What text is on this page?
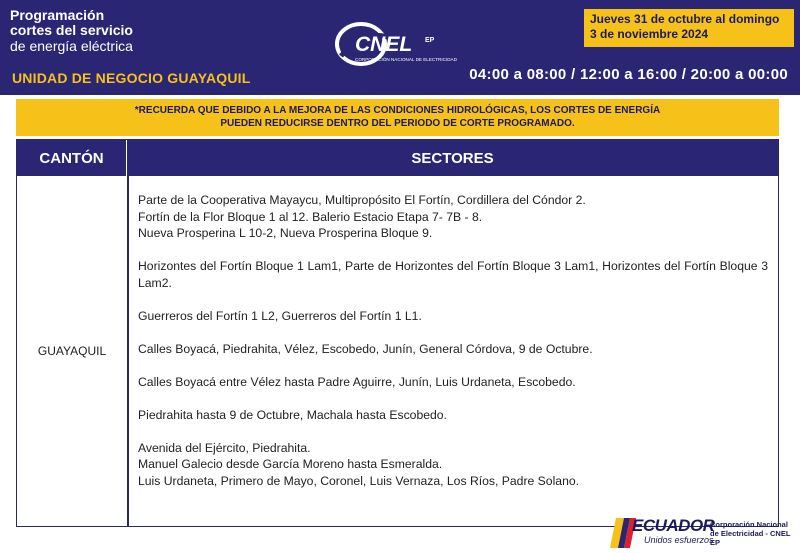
Programación
cortes del servicio
de energía eléctrica
UNIDAD DE NEGOCIO GUAYAQUIL
CNEL EP
CORPORACIÓN NACIONAL DE ELECTRICIDAD
Jueves 31 de octubre al domingo
3 de noviembre 2024
04:00 a 08:00 / 12:00 a 16:00 / 20:00 a 00:00
*RECUERDA QUE DEBIDO A LA MEJORA DE LAS CONDICIONES HIDROLÓGICAS, LOS CORTES DE ENERGÍA
PUEDEN REDUCIRSE DENTRO DEL PERIODO DE CORTE PROGRAMADO.
CANTÓN	SECTORES
GUAYAQUIL
Parte de la Cooperativa Mayaycu, Multipropósito El Fortín, Cordillera del Cóndor 2.
Fortín de la Flor Bloque 1 al 12. Balerio Estacio Etapa 7- 7B - 8.
Nueva Prosperina L 10-2, Nueva Prosperina Bloque 9.
Horizontes del Fortín Bloque 1 Lam1, Parte de Horizontes del Fortín Bloque 3 Lam1, Horizontes del Fortín Bloque 3 Lam2.
Guerreros del Fortín 1 L2, Guerreros del Fortín 1 L1.
Calles Boyacá, Piedrahita, Vélez, Escobedo, Junín, General Córdova, 9 de Octubre.
Calles Boyacá entre Vélez hasta Padre Aguirre, Junín, Luis Urdaneta, Escobedo.
Piedrahita hasta 9 de Octubre, Machala hasta Escobedo.
Avenida del Ejército, Piedrahita.
Manuel Galecio desde García Moreno hasta Esmeralda.
Luis Urdaneta, Primero de Mayo, Coronel, Luis Vernaza, Los Ríos, Padre Solano.
ECUADOR
Unidos esfuerzos
Corporación Nacional
de Electricidad - CNEL EP
